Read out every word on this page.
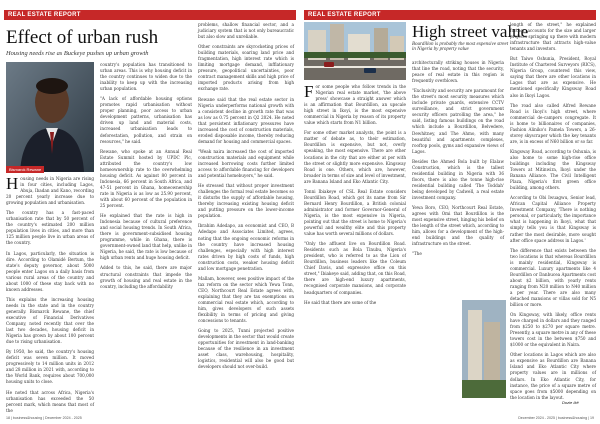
REAL ESTATE REPORT
Effect of urban rush
Housing needs rise as Buckeye pushes up urban growth
Bismarck Rewane

Housing needs in Nigeria are rising in four cities, including Lagos, Abuja, Ibadan and Kano, recording 20 percent yearly increase due to growing population and urbanisation.

The country has a fast-paced urbanisation rate that by 50 percent of the country's estimated 200 million population lives in cities, and more than 125 million people live in urban areas of the country.

In Lagos, particularly, the situation is dire. According to Olamidé Bertum, the state's deputy governor, about 5000 people enter Lagos on a daily basis from various rural areas of the country and about 1000 of these stay back with no known addresses.

This explains the increasing housing needs in the state and in the country generally. Bismarck Rewane, the chief executive of Financial Derivatives Company, noted recently that over the last two decades, housing deficit in Nigeria has grown by about 100 percent due to rising urbanisation.

By 1950, he said, the country's housing deficit was seven million. It moved progressively to 14 million units in 2012 and 28 million in 2021 with, according to the World Bank, requires about 700,000 housing units to close.

He noted that across Africa, Nigeria's urbanisation has exceeded the 50 percent mark, which means that most of the

country's population has transitioned to urban areas. This is why housing deficit in the country continues to widen due to the inability to keep up with the increasing urban population.

"A lack of affordable housing options promotes rapid urbanisation without proper planning, poor access to urban development patterns, urbanisation has driven up land and material costs, increased urbanisation leads to deforestation, pollution, and strain on resources," he said.

Rewane, who spoke at an Annual Real Estate Summit hosted by UPDC Plc, attributed the country's low homeownership rate to the overwhelming housing deficit. As against 80 percent in Indonesia, 66 percent in South Africa, and 47-51 percent in Ghana, homeownership rate in Nigeria is as low as 25.90 percent, with about 60 percent of the population in 25 percent.

He explained that the rate is high in Indonesia because of cultural preference and social housing trends. In South Africa, there is government-subsidised housing programme, while in Ghana, there is government-owned land that help, unlike in Nigeria, he said, the rate is low because of high urban rents and huge housing deficit.

Added to this, he said, there are major structural constraints that impede the growth of housing and real estate in the country, including the affordability

problems, shallow financial sector, and a judiciary system that is not only bureaucratic but also slow and unreliable.

Other constraints are skyrocketing prices of building materials, soaring land price and fragmentation, high interest rate which is limiting mortgage demand, infflationary pressure, geopolitical uncertainties, poor contract management skills and high price of imported products arising from high exchange rate.

Rewane said that the real estate sector in Nigeria underperforms national growth with a consistent decline in growth rate that was as low as 0.75 percent in Q2 2024. He noted that persistent inflationary pressures have increased the cost of construction materials, eroded disposable income, thereby reducing demand for housing and commercial spaces.

"Weak naira increased the cost of imported construction materials and equipment while increased borrowing costs further limited access to affordable financing for developers and potential homebuyers," he said.

He stressed that without proper investment challenges the formal real estate becomes so it disturbs the supply of affordable housing, thereby increasing existing housing deficit and putting pressure on the lower-income population.

Ibrahim Adedapo, an economist and CEO, B Adedapo and Associates Limited, agrees, noting that the ongoing economic reforms in the country have increased housing challenges, especially with high interest rates driven by high costs of funds, high construction costs, weaker housing deficit and low mortgage penetration.

Mallam, however, sees positive impact of the tax reform on the sector which Yewa Tonn, CEO, Northcourt Real Estate agrees with, explaining that they are tax exemptions on commercial real estate which, according to him, gives developers of such assets flexibility in terms of pricing and giving concessions to tenants.

Going to 2025, Tunni projected positive developments in the sector that would create opportunities for investment in land-banking because of the resilience in an investment asset class, warehousing, hospitality, logistics, residential will also be good but developers should not over-build.

18 | business&housing | December 2024 - 2025
REAL ESTATE REPORT
High street value
Bourdillon is probably the most expensive street in Nigeria by property value

For some people who follow trends in the Nigerian real estate market, 'the above press' showcase a straight answer which is an affirmation that Bourdillon, an upscale high street in Ikoyi, is the most expensive commercial in Nigeria by reason of its property value which starts from N1 billion.

For some other market analysts, the point is a matter of debate as, to their estimation, Bourdillon is expensive, but not, overly speaking, the most expensive. There are other locations in the city that are either at per with the street or slightly more expensive. Kingsway Road is one. Others, which are, however, broader in terms of size and level of investment, are Banana Island and Eko Atlantic City.

Tonni Ibiakeye of CSL Real Estate considers Bourdillon Road, which got its name from Sir Bernard Henry Bourdillon, a British colonial administrator and former Governor-General of Nigeria, is the most expensive in Nigeria, pointing out that the street is home to Nigeria's powerful and wealthy elite and this property value has worth several millions of dollars.

"Only the affluent live on Bourdillon Road. Residents such as Bola Tinubu, Nigeria's president, who is referred to as the Lion of Bourdillon, business leaders like the Coleum Chief Davis, and expressive office on this street," Ibiakeye said, adding that, on this Road, there are high-end luxury apartments, recognised corporate mansions, and corporate headquarters of companies.

He said that there are some of the

architecturally striking houses in Nigeria that line the road, noting that the security, peace of real estate in this region is frequently overblown.

"Exclusivity and security are paramount for the street's most security measures which include private guards, extensive CCTV surveillance, and strict government security officers patrolling the area," he said, listing famous buildings on the road which include a Bourdillon, Belvedere, Dewhitney, and The Ahmo, with many beautiful and apartments complexes, rooftop pools, gyms and expansive views of Lagos.

Besides the Ahmed Bola built by Elalaw Construction, which is the tallest residential building in Nigeria with 36 floors, there is also the tonne high-rise residential building called 'The Toddah' being developed by Cadwell, a real estate investment company.

Yewa Boro, CEO, Northcourt Real Estate, agrees with Omi that Bourdillon is the most expensive street, hinging his belief on the length of the street which, according to him, allows for a development of the high-end buildings and the quality of infrastructure on the street.

"The

length of the street," he explained further, accounts for the size and larger projects springing up there with modern infrastructure that attracts high-value tenants and investors.

But Taiwo Oshunia, President, Royal Institute of Chartered Surveyors (RICS), Nigeria Group, countered this view, saying that there are other locations in Lagos that are as expensive. He mentioned specifically Kingsway Road also in Ikoyi Lagos.

The road also called Alfred Rewane Road is Ikoyi's high street, where commercial de-campers congregate. It is home to billionaires of companies, Fashion Aliniko's Pamela Towers, a 26-storey skyscraper which the key tenants are, is in excess of N60 billion or so far.

Kingsway Road, according to Oshunia, is also home to some high-rise office buildings including the Kingsway Towers at Mitinwira, Ikoyi under the Banana Alliance. The Civil Intelligent Plaza, Nigeria's first green office building, among others.

According to Obi Iwuagwu, Senior lead, African Capital Alliance Property Investment Company, 'There is nothing personal, or particularly, the importance what is happening in Ikoyi, what that simply tells you is that Kingsway is rather the most desirable, more sought after office space address in Lagos.'

The difference that exists between the two locations is that whereas Bourdillon is mainly residential, Kingsway is commercial. Luxury apartments like 4 Bourdillon or Danbucea Apartments cost about $2 billion, with yearly rents ranging from N20 million to N40 million a per year. There are also many detached mansions or villas sold for N5 billion or more.

On Kingsway, with likely, office rents have charged in dollars and they ranged from $250 to $270 per square metre. Presently, a square metre in any of these towers cost in the between $750 and $1000 or the equivalent in Naira.

Other locations in Lagos which are also as expensive as Bourdillon are Banana Island and Eko Atlantic City where property values are in millions of dollars. In Eko Atlantic City, for instance, the price of a square metre of space goes from $5000 depending on the location in the layout.

Dozie Ikĕ
December 2024 - 2025 | business&housing | 19
